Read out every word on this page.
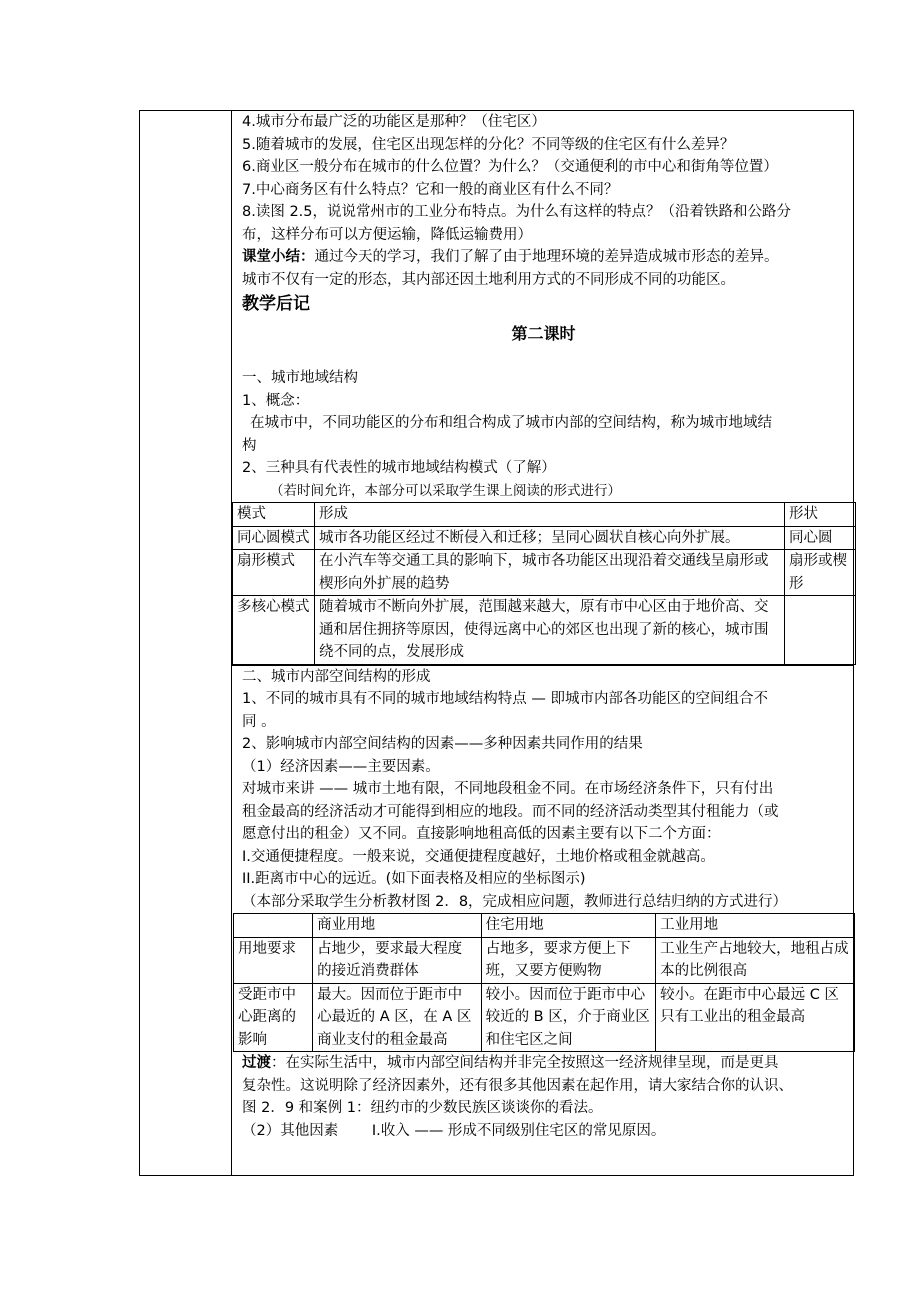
4.城市分布最广泛的功能区是那种？（住宅区）
5.随着城市的发展，住宅区出现怎样的分化？不同等级的住宅区有什么差异？
6.商业区一般分布在城市的什么位置？为什么？（交通便利的市中心和街角等位置）
7.中心商务区有什么特点？它和一般的商业区有什么不同？
8.读图 2.5，说说常州市的工业分布特点。为什么有这样的特点？（沿着铁路和公路分
布，这样分布可以方便运输，降低运输费用）
课堂小结：通过今天的学习，我们了解了由于地理环境的差异造成城市形态的差异。
城市不仅有一定的形态，其内部还因土地利用方式的不同形成不同的功能区。
教学后记
第二课时
一、城市地域结构
1、概念：
在城市中，不同功能区的分布和组合构成了城市内部的空间结构，称为城市地域结
构
2、三种具有代表性的城市地域结构模式（了解）
（若时间允许，本部分可以采取学生课上阅读的形式进行）
模式	形成	形状
同心圆模式	城市各功能区经过不断侵入和迁移；呈同心圆状自核心向外扩展。	同心圆
扇形模式	在小汽车等交通工具的影响下，城市各功能区出现沿着交通线呈扇形或楔形向外扩展的趋势	扇形或楔形
多核心模式	随着城市不断向外扩展，范围越来越大，原有市中心区由于地价高、交通和居住拥挤等原因，使得远离中心的郊区也出现了新的核心，城市围绕不同的点，发展形成	
二、城市内部空间结构的形成
1、不同的城市具有不同的城市地域结构特点 — 即城市内部各功能区的空间组合不
同 。
2、影响城市内部空间结构的因素——多种因素共同作用的结果
（1）经济因素——主要因素。
对城市来讲 —— 城市土地有限，不同地段租金不同。在市场经济条件下，只有付出
租金最高的经济活动才可能得到相应的地段。而不同的经济活动类型其付租能力（或
愿意付出的租金）又不同。直接影响地租高低的因素主要有以下二个方面：
I.交通便捷程度。一般来说，交通便捷程度越好，土地价格或租金就越高。
II.距离市中心的远近。(如下面表格及相应的坐标图示)
（本部分采取学生分析教材图 2．8，完成相应问题，教师进行总结归纳的方式进行）
	商业用地	住宅用地	工业用地
用地要求	占地少，要求最大程度的接近消费群体	占地多，要求方便上下班，又要方便购物	工业生产占地较大，地租占成本的比例很高
受距市中心距离的影响	最大。因而位于距市中心最近的 A 区，在 A 区商业支付的租金最高	较小。因而位于距市中心较近的 B 区，介于商业区和住宅区之间	较小。在距市中心最远 C 区只有工业出的租金最高
过渡：在实际生活中，城市内部空间结构并非完全按照这一经济规律呈现，而是更具
复杂性。这说明除了经济因素外，还有很多其他因素在起作用，请大家结合你的认识、
图 2．9 和案例 1：纽约市的少数民族区谈谈你的看法。
（2）其他因素　　 I.收入 —— 形成不同级别住宅区的常见原因。
